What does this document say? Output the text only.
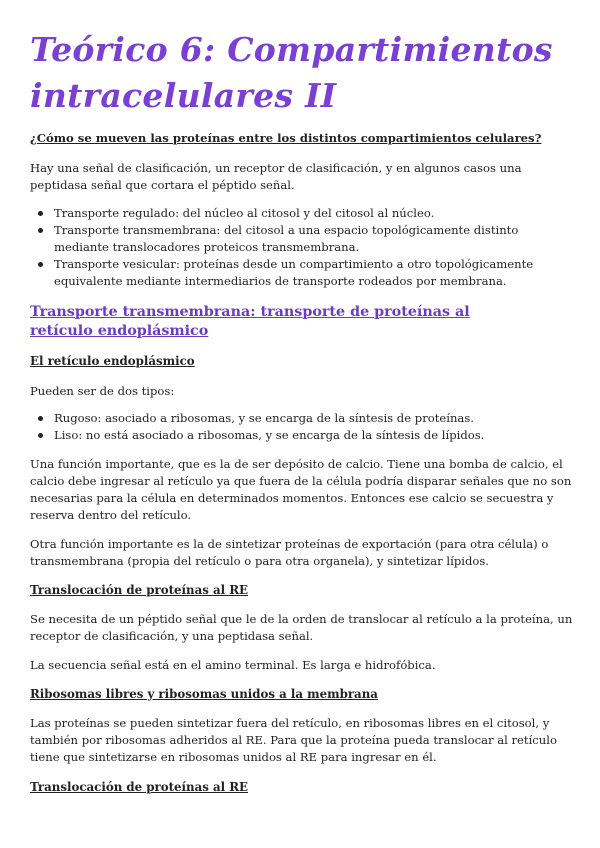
Teórico 6: Compartimientos intracelulares II
¿Cómo se mueven las proteínas entre los distintos compartimientos celulares?
Hay una señal de clasificación, un receptor de clasificación, y en algunos casos una peptidasa señal que cortara el péptido señal.
Transporte regulado: del núcleo al citosol y del citosol al núcleo.
Transporte transmembrana: del citosol a una espacio topológicamente distinto mediante translocadores proteicos transmembrana.
Transporte vesicular: proteínas desde un compartimiento a otro topológicamente equivalente mediante intermediarios de transporte rodeados por membrana.
Transporte transmembrana: transporte de proteínas al retículo endoplásmico
El retículo endoplásmico
Pueden ser de dos tipos:
Rugoso: asociado a ribosomas, y se encarga de la síntesis de proteínas.
Liso: no está asociado a ribosomas, y se encarga de la síntesis de lípidos.
Una función importante, que es la de ser depósito de calcio. Tiene una bomba de calcio, el calcio debe ingresar al retículo ya que fuera de la célula podría disparar señales que no son necesarias para la célula en determinados momentos. Entonces ese calcio se secuestra y reserva dentro del retículo.
Otra función importante es la de sintetizar proteínas de exportación (para otra célula) o transmembrana (propia del retículo o para otra organela), y sintetizar lípidos.
Translocación de proteínas al RE
Se necesita de un péptido señal que le de la orden de translocar al retículo a la proteína, un receptor de clasificación, y una peptidasa señal.
La secuencia señal está en el amino terminal. Es larga e hidrofóbica.
Ribosomas libres y ribosomas unidos a la membrana
Las proteínas se pueden sintetizar fuera del retículo, en ribosomas libres en el citosol, y también por ribosomas adheridos al RE. Para que la proteína pueda translocar al retículo tiene que sintetizarse en ribosomas unidos al RE para ingresar en él.
Translocación de proteínas al RE
